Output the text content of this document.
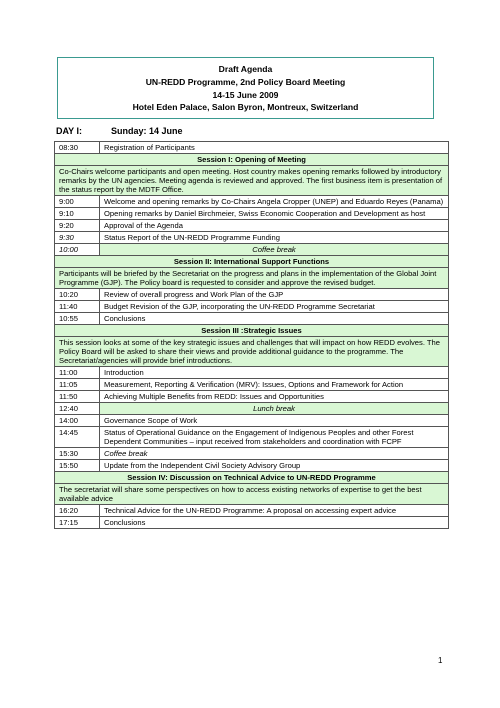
Draft Agenda
UN-REDD Programme, 2nd Policy Board Meeting
14-15 June 2009
Hotel Eden Palace, Salon Byron, Montreux, Switzerland
DAY I:	Sunday: 14 June
08:30	Registration of Participants
Session I: Opening of Meeting	
Co-Chairs welcome participants and open meeting. Host country makes opening remarks followed by introductory remarks by the UN agencies. Meeting agenda is reviewed and approved. The first business item is presentation of the status report by the MDTF Office.	
9:00	Welcome and opening remarks by Co-Chairs Angela Cropper (UNEP) and Eduardo Reyes (Panama)
9:10	Opening remarks by Daniel Birchmeier, Swiss Economic Cooperation and Development as host
9:20	Approval of the Agenda
9:30	Status Report of the UN-REDD Programme Funding
10:00	Coffee break
Session II: International Support Functions	
Participants will be briefed by the Secretariat on the progress and plans in the implementation of the Global Joint Programme (GJP). The Policy board is requested to consider and approve the revised budget.	
10:20	Review of overall progress and Work Plan of the GJP
11:40	Budget Revision of the GJP, incorporating the UN-REDD Programme Secretariat
10:55	Conclusions
Session III :Strategic Issues	
This session looks at some of the key strategic issues and challenges that will impact on how REDD evolves. The Policy Board will be asked to share their views and provide additional guidance to the programme. The Secretariat/agencies will provide brief introductions.	
11:00	Introduction
11:05	Measurement, Reporting & Verification (MRV): Issues, Options and Framework for Action
11:50	Achieving Multiple Benefits from REDD: Issues and Opportunities
12:40	Lunch break
14:00	Governance Scope of Work
14:45	Status of Operational Guidance on the Engagement of Indigenous Peoples and other Forest Dependent Communities – input received from stakeholders and coordination with FCPF
15:30	Coffee break
15:50	Update from the Independent Civil Society Advisory Group
Session IV: Discussion on Technical Advice to UN-REDD Programme	
The secretariat will share some perspectives on how to access existing networks of expertise to get the best available advice	
16:20	Technical Advice for the UN-REDD Programme: A proposal on accessing expert advice
17:15	Conclusions
1
